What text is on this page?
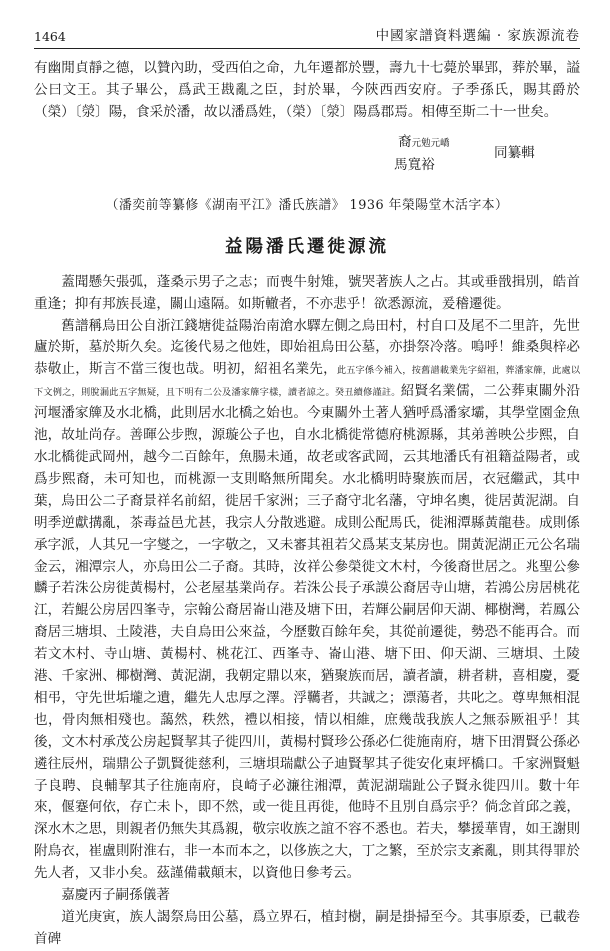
1464	中國家譜資料選編 · 家族源流卷

有幽閒貞靜之德，以贊內助，受西伯之命，九年遷都於豐，壽九十七薨於畢郢，葬於畢，謚公曰文王。其子畢公，爲武王戡亂之臣，封於畢，今陝西西安府。子季孫氏，賜其爵於（榮）〔滎〕陽，食采於潘，故以潘爲姓，（榮）〔滎〕陽爲郡焉。相傳至斯二十一世矣。

裔元勉元嶠
馬寬裕
同纂輯
（潘奕前等纂修《湖南平江》潘氏族譜》 1936 年榮陽堂木活字本）
益陽潘氏遷徙源流

蓋聞懸矢張弧，蓬桑示男子之志；而喪牛射雉，號哭著族人之占。其或垂戩揖別，皓首重逢；抑有邦族長違，關山遠隔。如斯轍者，不亦悲乎！欲悉源流，爰稽遷徙。

舊譜稱烏田公自浙江錢塘徙益陽治南滄水驛左側之烏田村，村自口及尾不二里許，先世廬於斯，墓於斯久矣。迄後代易之他姓，即始祖烏田公墓，亦掛祭冷落。嗚呼！維桑與梓必恭敬止，斯言不當三復也哉。明初，紹祖名業先，此五字係今補入，按舊譜載業先字紹祖，葬潘家簰，此處以下文例之，則脫漏此五字無疑，且下明有二公及潘家簰字樣，讀者諒之。癸丑續修謹註。紹賢名業儒，二公葬東關外沿河堰潘家簰及水北橋，此則居水北橋之始也。今東關外土著人猶呼爲潘家壩，其學堂園金魚池，故址尚存。善暉公步煦，源璇公子也，自水北橋徙常德府桃源縣，其弟善映公步熙，自水北橋徙武岡州，越今二百餘年，魚腸未通，故老或客武岡，云其地潘氏有祖籍益陽者，或爲步熙裔，未可知也，而桃源一支則略無所聞矣。水北橋明時聚族而居，衣冠繼武，其中葉，烏田公二子裔景祥名前紹，徙居千家洲；三子裔守北名藩，守坤名奧，徙居黃泥湖。自明季逆獻搆亂，茶毒益邑尤甚，我宗人分散逃避。成則公配馬氏，徙湘潭縣黃龍巷。成則係承字派，人其兄一字燮之，一字敬之，又未審其祖若父爲某支某房也。開黃泥湖正元公名瑞金云，湘潭宗人，亦烏田公二子裔。其時，汝祥公參榮徙文木村，今後裔世居之。兆聖公參麟子若洙公房徙黃楊村，公老屋基業尚存。若洙公長子承謨公裔居寺山塘，若鴻公房居桃花江，若鯤公房居四峯寺，宗翰公裔居崙山港及塘下田，若輝公嗣居仰天湖、椰樹灣，若鳳公裔居三塘垻、土陵港，夫自烏田公來益，今歷數百餘年矣，其從前遷徙，勢恐不能再合。而若文木村、寺山塘、黃楊村、桃花江、西峯寺、崙山港、塘下田、仰天湖、三塘垻、土陵港、千家洲、椰樹灣、黃泥湖，我朝定鼎以來，猶聚族而居，讀者讀，耕者耕，喜相慶，憂相弔，守先世垢壠之遺，繼先人忠厚之澤。浮韉者，共誠之；漂蕩者，共叱之。尊卑無相混也，骨肉無相殘也。藹然，秩然，禮以相接，情以相維，庶幾哉我族人之無忝厥祖乎！其後，文木村承茂公房起賢挈其子徙四川，黃楊村賢珍公孫必仁徙施南府，塘下田渭賢公孫必遴往辰州，瑞鼎公子凱賢徙慈利，三塘垻瑞獻公子迪賢挈其子徙安化東坪橋口。千家洲賢魁子良聘、良輔挈其子往施南府，良崎子必濂往湘潭，黃泥湖瑞趾公子賢永徙四川。數十年來，偃蹇何依，存亡未卜，即不然，或一徙且再徙，他時不且別自爲宗乎？倘念首邱之義，深水木之思，則親者仍無失其爲親，敬宗收族之誼不容不悉也。若夫，攀援華冑，如王謝則附烏衣，崔盧則附淮右，非一本而本之，以侈族之大，丁之繁，至於宗支紊亂，則其得罪於先人者，又非小矣。茲謹備載顛末，以資他日參考云。

嘉慶丙子嗣孫儀著

道光庚寅，族人謁祭烏田公墓，爲立界石，植封樹，嗣是掛掃至今。其事原委，已載卷首碑
